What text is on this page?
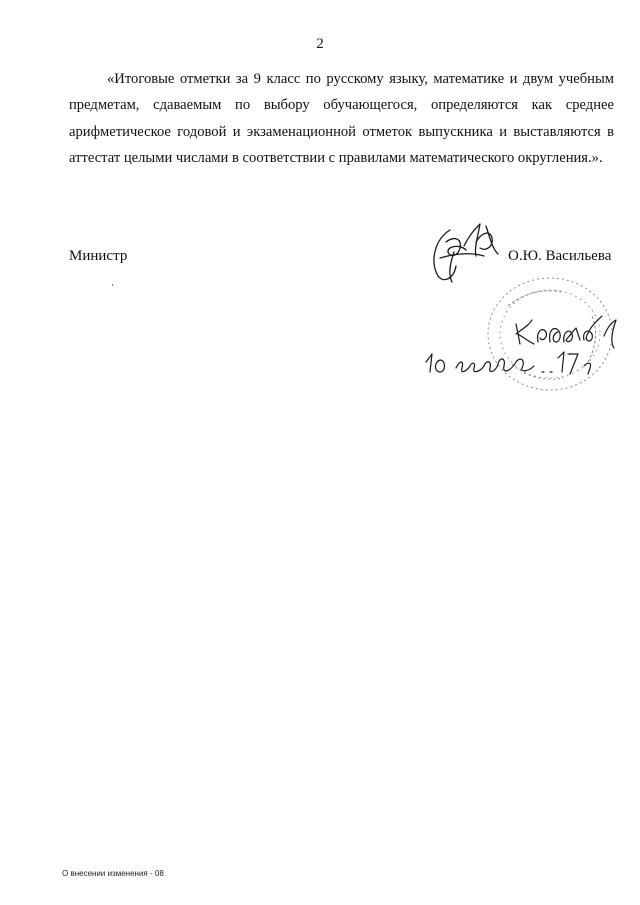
2

«Итоговые отметки за 9 класс по русскому языку, математике и двум учебным предметам, сдаваемым по выбору обучающегося, определяются как среднее арифметическое годовой и экзаменационной отметок выпускника и выставляются в аттестат целыми числами в соответствии с правилами математического округления.».

Министр	О.Ю. Васильева
О внесении изменения - 08
